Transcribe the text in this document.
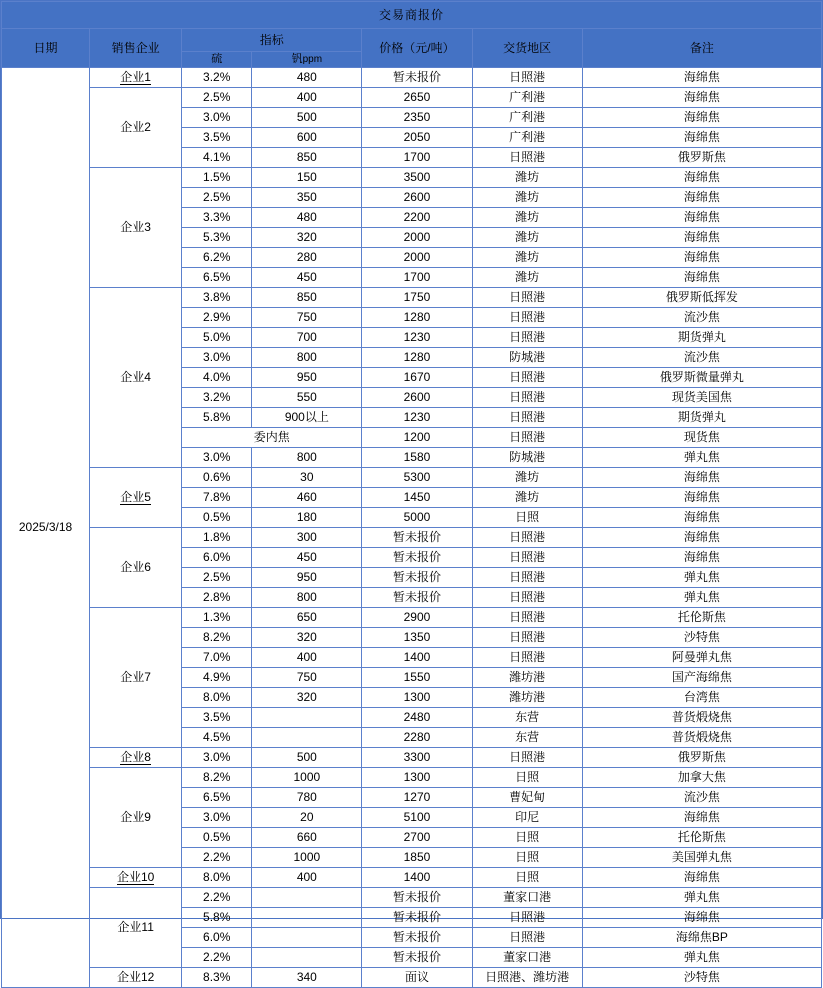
交易商报价						
日期	销售企业	指标		价格（元/吨）	交货地区	备注
		硫	钒ppm			
2025/3/18	企业1	3.2%	480	暂未报价	日照港	海绵焦
	企业2	2.5%	400	2650	广利港	海绵焦
		3.0%	500	2350	广利港	海绵焦
		3.5%	600	2050	广利港	海绵焦
		4.1%	850	1700	日照港	俄罗斯焦
	企业3	1.5%	150	3500	潍坊	海绵焦
		2.5%	350	2600	潍坊	海绵焦
		3.3%	480	2200	潍坊	海绵焦
		5.3%	320	2000	潍坊	海绵焦
		6.2%	280	2000	潍坊	海绵焦
		6.5%	450	1700	潍坊	海绵焦
	企业4	3.8%	850	1750	日照港	俄罗斯低挥发
		2.9%	750	1280	日照港	流沙焦
		5.0%	700	1230	日照港	期货弹丸
		3.0%	800	1280	防城港	流沙焦
		4.0%	950	1670	日照港	俄罗斯微量弹丸
		3.2%	550	2600	日照港	现货美国焦
		5.8%	900以上	1230	日照港	期货弹丸
		委内焦		1200	日照港	现货焦
		3.0%	800	1580	防城港	弹丸焦
	企业5	0.6%	30	5300	潍坊	海绵焦
		7.8%	460	1450	潍坊	海绵焦
		0.5%	180	5000	日照	海绵焦
	企业6	1.8%	300	暂未报价	日照港	海绵焦
		6.0%	450	暂未报价	日照港	海绵焦
		2.5%	950	暂未报价	日照港	弹丸焦
		2.8%	800	暂未报价	日照港	弹丸焦
	企业7	1.3%	650	2900	日照港	托伦斯焦
		8.2%	320	1350	日照港	沙特焦
		7.0%	400	1400	日照港	阿曼弹丸焦
		4.9%	750	1550	潍坊港	国产海绵焦
		8.0%	320	1300	潍坊港	台湾焦
		3.5%		2480	东营	普货煅烧焦
		4.5%		2280	东营	普货煅烧焦
	企业8	3.0%	500	3300	日照港	俄罗斯焦
	企业9	8.2%	1000	1300	日照	加拿大焦
		6.5%	780	1270	曹妃甸	流沙焦
		3.0%	20	5100	印尼	海绵焦
		0.5%	660	2700	日照	托伦斯焦
		2.2%	1000	1850	日照	美国弹丸焦
	企业10	8.0%	400	1400	日照	海绵焦
	企业11	2.2%		暂未报价	董家口港	弹丸焦
		5.8%		暂未报价	日照港	海绵焦
		6.0%		暂未报价	日照港	海绵焦BP
		2.2%		暂未报价	董家口港	弹丸焦
	企业12	8.3%	340	面议	日照港、潍坊港	沙特焦
